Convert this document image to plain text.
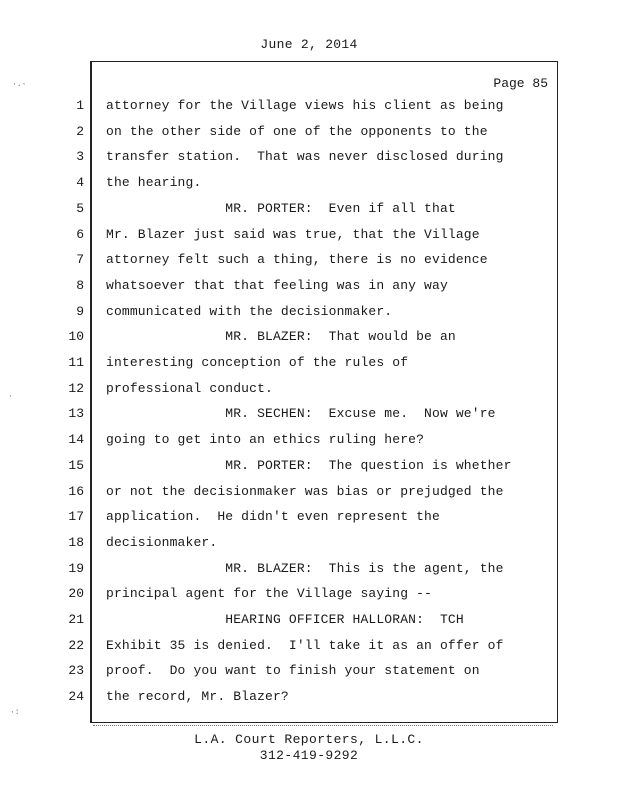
June 2, 2014
Page 85
1 attorney for the Village views his client as being
2 on the other side of one of the opponents to the
3 transfer station.  That was never disclosed during
4 the hearing.
5 MR. PORTER:  Even if all that
6 Mr. Blazer just said was true, that the Village
7 attorney felt such a thing, there is no evidence
8 whatsoever that that feeling was in any way
9 communicated with the decisionmaker.
10 MR. BLAZER:  That would be an
11 interesting conception of the rules of
12 professional conduct.
13 MR. SECHEN:  Excuse me.  Now we're
14 going to get into an ethics ruling here?
15 MR. PORTER:  The question is whether
16 or not the decisionmaker was bias or prejudged the
17 application.  He didn't even represent the
18 decisionmaker.
19 MR. BLAZER:  This is the agent, the
20 principal agent for the Village saying --
21 HEARING OFFICER HALLORAN:  TCH
22 Exhibit 35 is denied.  I'll take it as an offer of
23 proof.  Do you want to finish your statement on
24 the record, Mr. Blazer?
L.A. Court Reporters, L.L.C.
312-419-9292
·.·
·
·:
